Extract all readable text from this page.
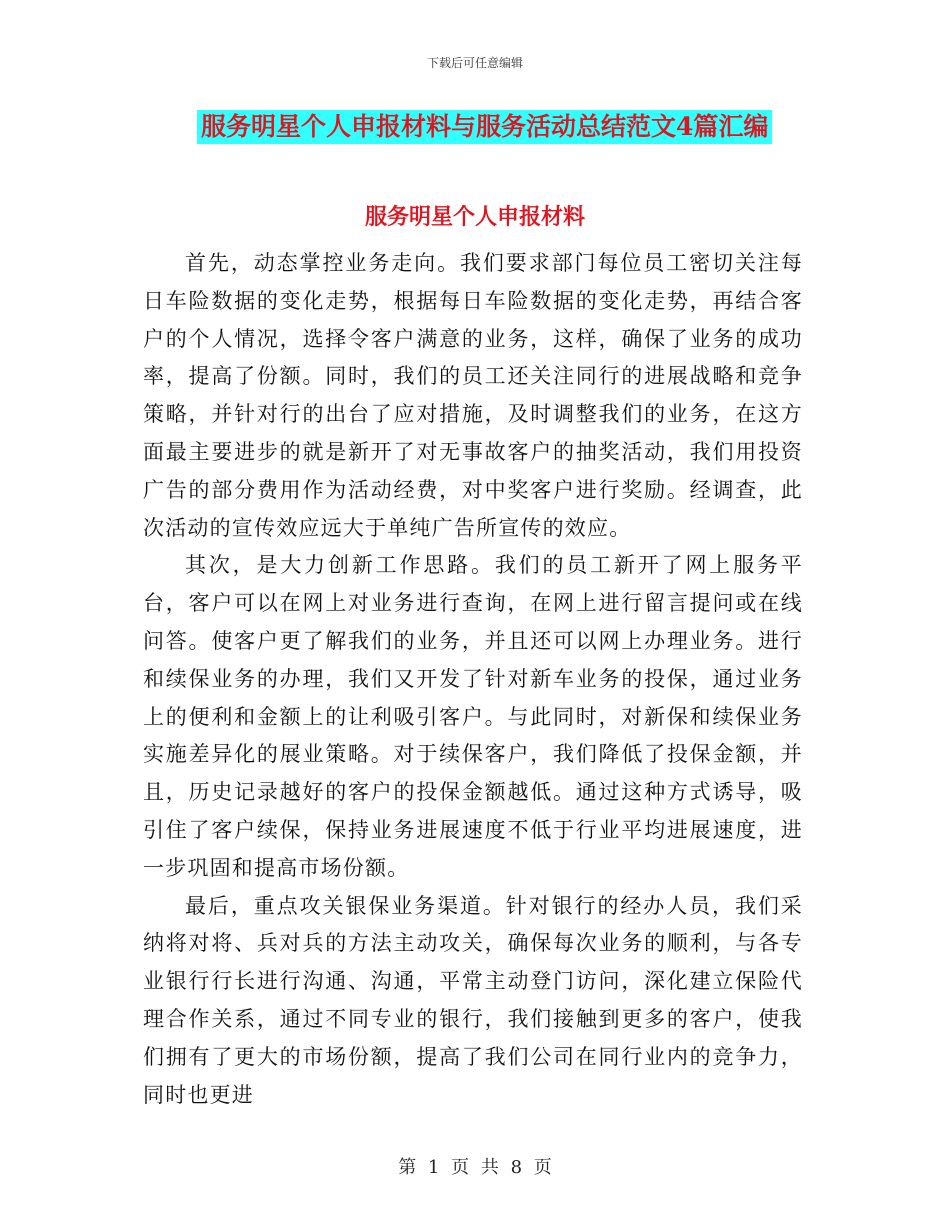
下载后可任意编辑
服务明星个人申报材料与服务活动总结范文4篇汇编
服务明星个人申报材料

首先，动态掌控业务走向。我们要求部门每位员工密切关注每日车险数据的变化走势，根据每日车险数据的变化走势，再结合客户的个人情况，选择令客户满意的业务，这样，确保了业务的成功率，提高了份额。同时，我们的员工还关注同行的进展战略和竞争策略，并针对行的出台了应对措施，及时调整我们的业务，在这方面最主要进步的就是新开了对无事故客户的抽奖活动，我们用投资广告的部分费用作为活动经费，对中奖客户进行奖励。经调查，此次活动的宣传效应远大于单纯广告所宣传的效应。

其次，是大力创新工作思路。我们的员工新开了网上服务平台，客户可以在网上对业务进行查询，在网上进行留言提问或在线问答。使客户更了解我们的业务，并且还可以网上办理业务。进行和续保业务的办理，我们又开发了针对新车业务的投保，通过业务上的便利和金额上的让利吸引客户。与此同时，对新保和续保业务实施差异化的展业策略。对于续保客户，我们降低了投保金额，并且，历史记录越好的客户的投保金额越低。通过这种方式诱导，吸引住了客户续保，保持业务进展速度不低于行业平均进展速度，进一步巩固和提高市场份额。

最后，重点攻关银保业务渠道。针对银行的经办人员，我们采纳将对将、兵对兵的方法主动攻关，确保每次业务的顺利，与各专业银行行长进行沟通、沟通，平常主动登门访问，深化建立保险代理合作关系，通过不同专业的银行，我们接触到更多的客户，使我们拥有了更大的市场份额，提高了我们公司在同行业内的竞争力，同时也更进

第 1 页 共 8 页
